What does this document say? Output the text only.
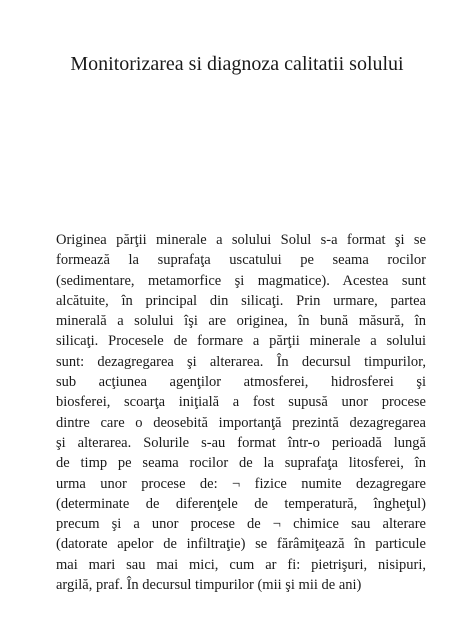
Monitorizarea si diagnoza calitatii solului
Originea părţii minerale a solului Solul s-a format şi se
formează la suprafaţa uscatului pe seama rocilor
(sedimentare, metamorfice şi magmatice). Acestea sunt
alcătuite, în principal din silicaţi. Prin urmare, partea
minerală a solului îşi are originea, în bună măsură, în
silicaţi. Procesele de formare a părţii minerale a solului
sunt: dezagregarea şi alterarea. În decursul timpurilor,
sub acţiunea agenţilor atmosferei, hidrosferei şi
biosferei, scoarţa iniţială a fost supusă unor procese
dintre care o deosebită importanţă prezintă dezagregarea
şi alterarea. Solurile s-au format într-o perioadă lungă
de timp pe seama rocilor de la suprafaţa litosferei, în
urma unor procese de: ¬ fizice numite dezagregare
(determinate de diferenţele de temperatură, îngheţul)
precum şi a unor procese de ¬ chimice sau alterare
(datorate apelor de infiltraţie) se fărâmiţează în particule
mai mari sau mai mici, cum ar fi: pietrişuri, nisipuri,
argilă, praf. În decursul timpurilor (mii şi mii de ani)
